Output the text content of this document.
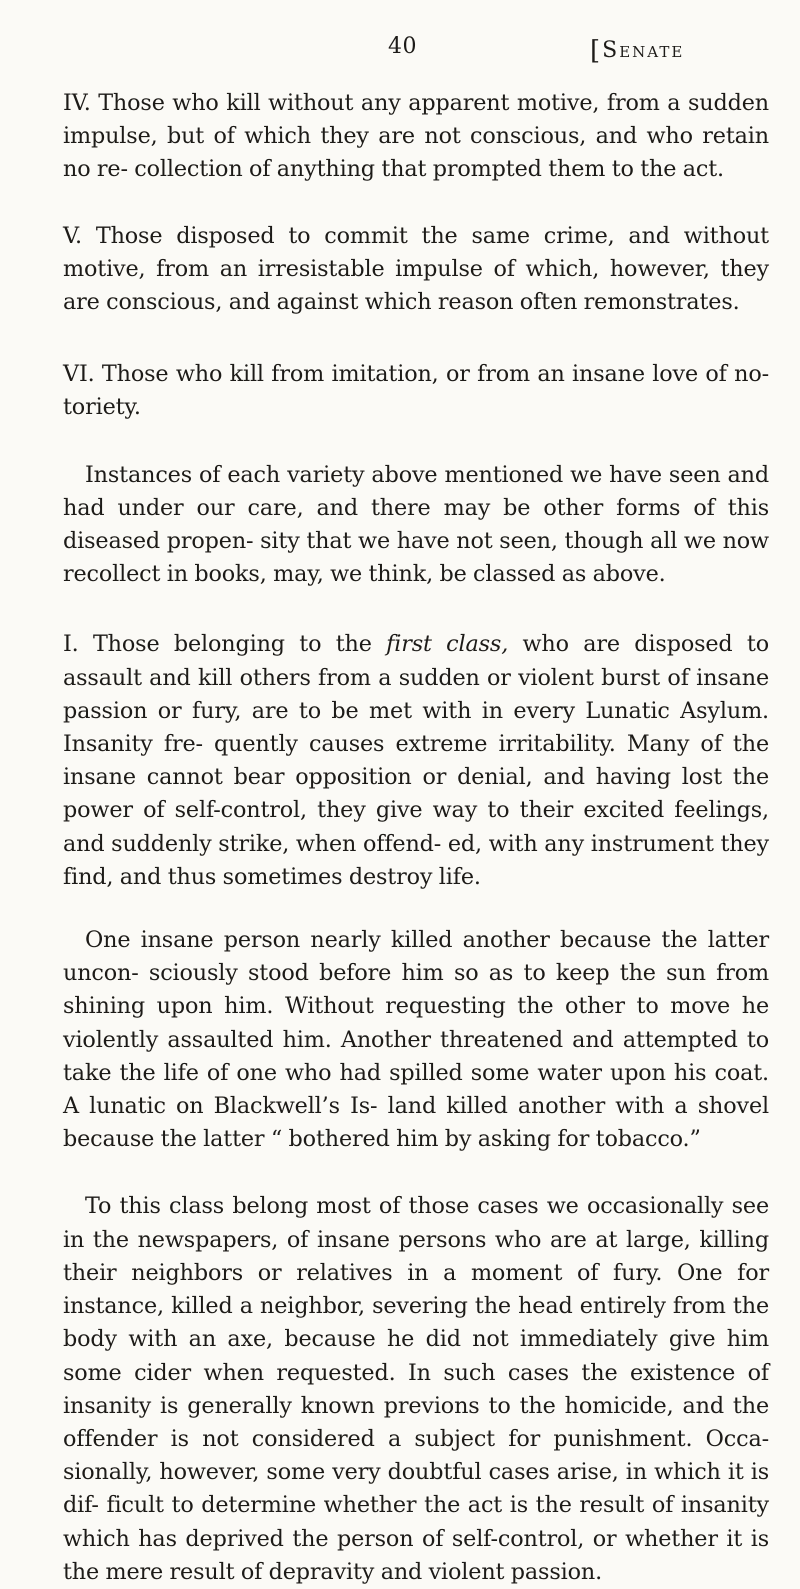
40	[Senate

IV. Those who kill without any apparent motive, from a sudden impulse, but of which they are not conscious, and who retain no re- collection of anything that prompted them to the act.

V. Those disposed to commit the same crime, and without motive, from an irresistable impulse of which, however, they are conscious, and against which reason often remonstrates.

VI. Those who kill from imitation, or from an insane love of no- toriety.

Instances of each variety above mentioned we have seen and had under our care, and there may be other forms of this diseased propen- sity that we have not seen, though all we now recollect in books, may, we think, be classed as above.

I. Those belonging to the first class, who are disposed to assault and kill others from a sudden or violent burst of insane passion or fury, are to be met with in every Lunatic Asylum. Insanity fre- quently causes extreme irritability. Many of the insane cannot bear opposition or denial, and having lost the power of self-control, they give way to their excited feelings, and suddenly strike, when offend- ed, with any instrument they find, and thus sometimes destroy life.

One insane person nearly killed another because the latter uncon- sciously stood before him so as to keep the sun from shining upon him. Without requesting the other to move he violently assaulted him. Another threatened and attempted to take the life of one who had spilled some water upon his coat. A lunatic on Blackwell’s Is- land killed another with a shovel because the latter “ bothered him by asking for tobacco.”

To this class belong most of those cases we occasionally see in the newspapers, of insane persons who are at large, killing their neighbors or relatives in a moment of fury. One for instance, killed a neighbor, severing the head entirely from the body with an axe, because he did not immediately give him some cider when requested. In such cases the existence of insanity is generally known previons to the homicide, and the offender is not considered a subject for punishment. Occa- sionally, however, some very doubtful cases arise, in which it is dif- ficult to determine whether the act is the result of insanity which has deprived the person of self-control, or whether it is the mere result of depravity and violent passion.
